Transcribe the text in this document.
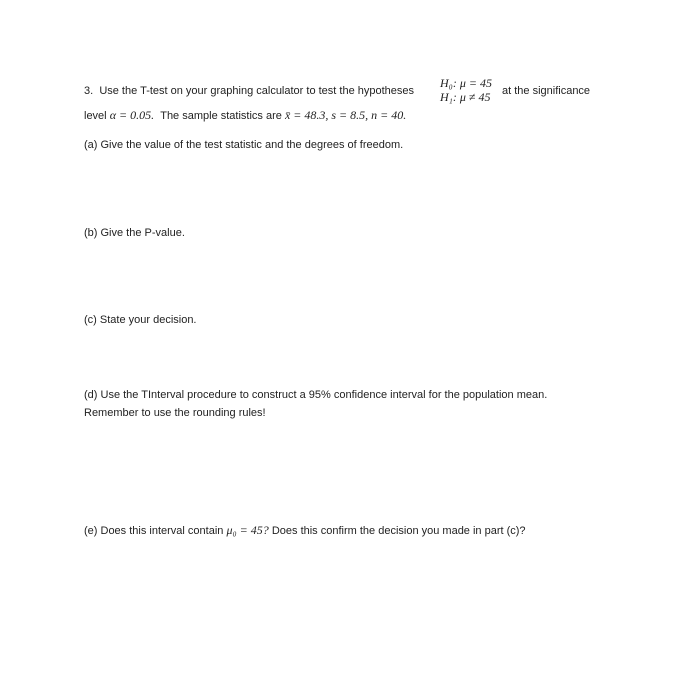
3. Use the T-test on your graphing calculator to test the hypotheses
H₀: μ = 45
H₁: μ ≠ 45 at the significance
level α = 0.05. The sample statistics are x̄ = 48.3, s = 8.5, n = 40.
(a) Give the value of the test statistic and the degrees of freedom.
(b) Give the P-value.
(c) State your decision.
(d) Use the TInterval procedure to construct a 95% confidence interval for the population mean.
Remember to use the rounding rules!
(e) Does this interval contain μ₀ = 45? Does this confirm the decision you made in part (c)?
